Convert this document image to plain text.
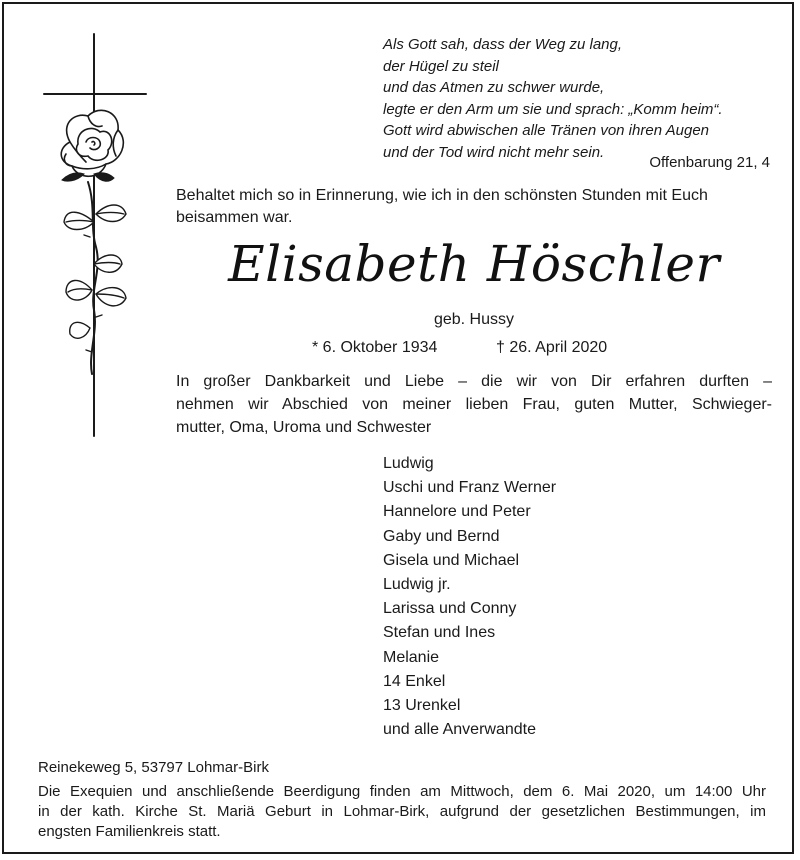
Als Gott sah, dass der Weg zu lang,
der Hügel zu steil
und das Atmen zu schwer wurde,
legte er den Arm um sie und sprach: „Komm heim“.
Gott wird abwischen alle Tränen von ihren Augen
und der Tod wird nicht mehr sein.
Offenbarung 21, 4
Behaltet mich so in Erinnerung, wie ich in den schönsten Stunden mit Euch beisammen war.
Elisabeth Höschler
geb. Hussy
* 6. Oktober 1934	† 26. April 2020
In großer Dankbarkeit und Liebe – die wir von Dir erfahren durften –
nehmen wir Abschied von meiner lieben Frau, guten Mutter, Schwieger-
mutter, Oma, Uroma und Schwester
Ludwig
Uschi und Franz Werner
Hannelore und Peter
Gaby und Bernd
Gisela und Michael
Ludwig jr.
Larissa und Conny
Stefan und Ines
Melanie
14 Enkel
13 Urenkel
und alle Anverwandte
Reinekeweg 5, 53797 Lohmar-Birk
Die Exequien und anschließende Beerdigung finden am Mittwoch, dem 6. Mai 2020, um 14:00 Uhr
in der kath. Kirche St. Mariä Geburt in Lohmar-Birk, aufgrund der gesetzlichen Bestimmungen, im
engsten Familienkreis statt.
